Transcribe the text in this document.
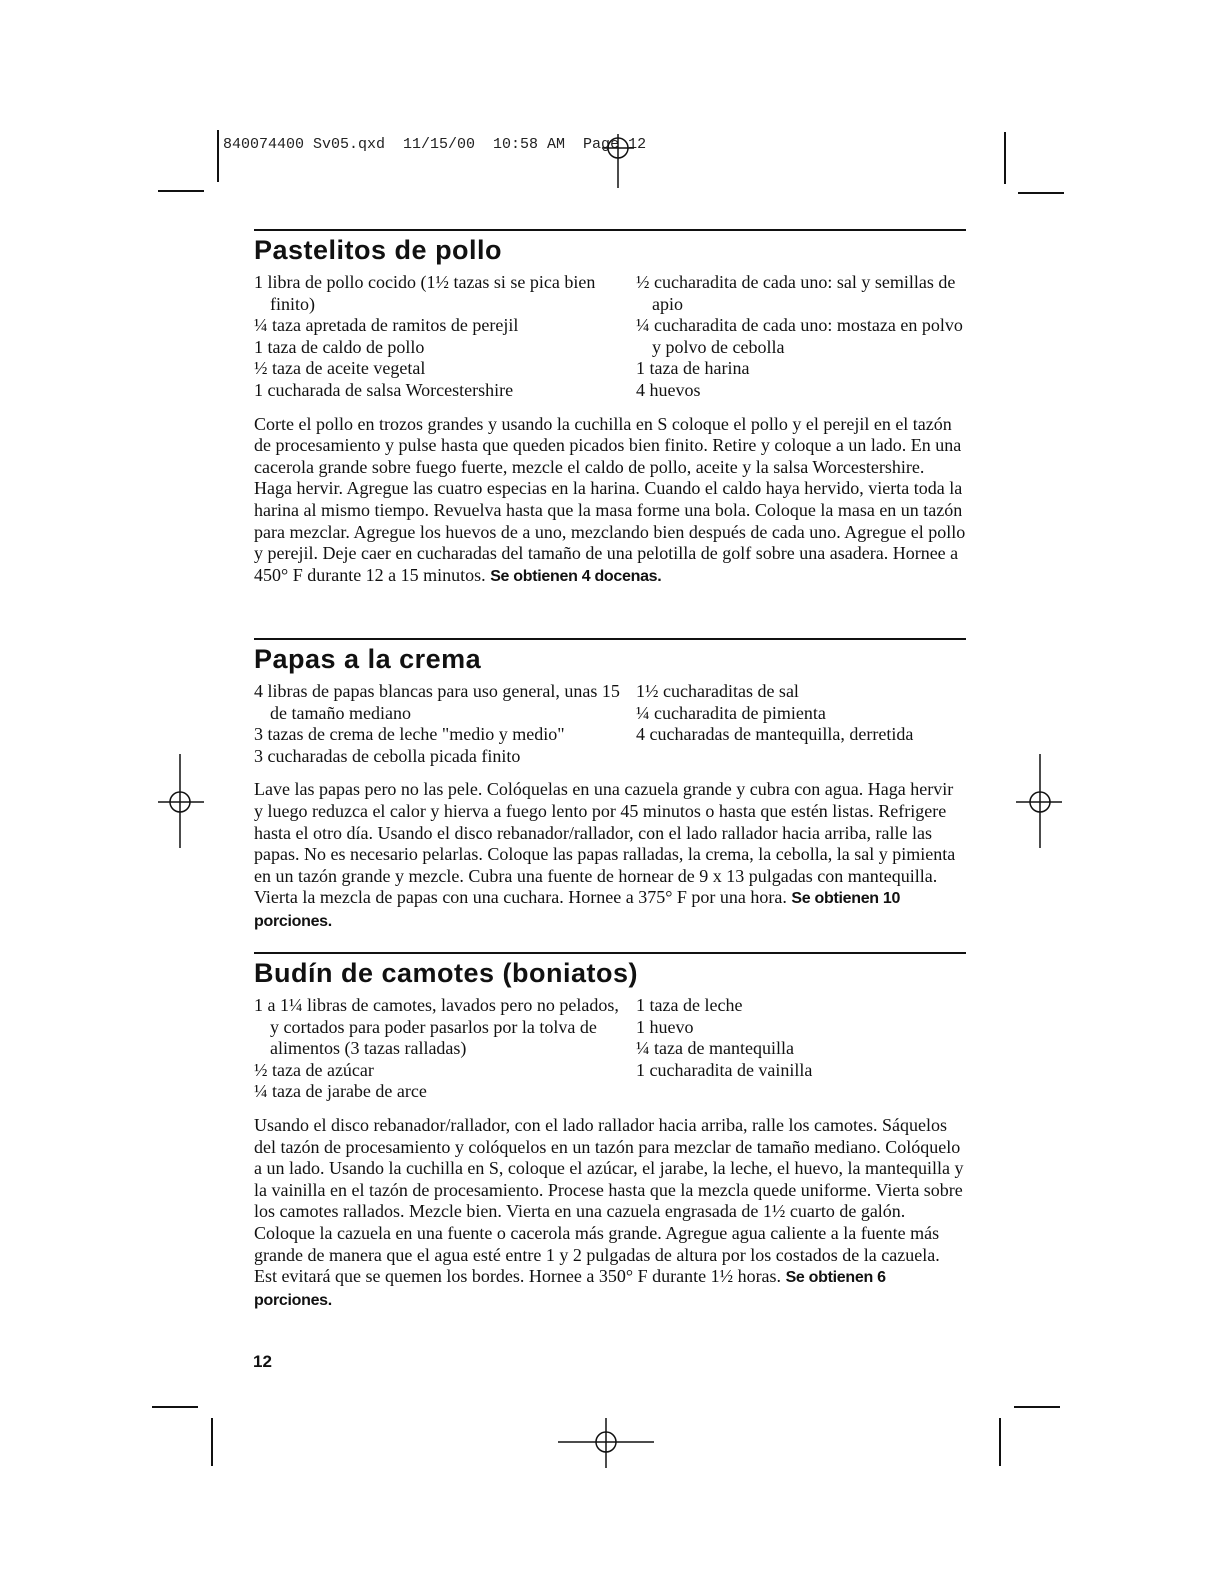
840074400 Sv05.qxd  11/15/00  10:58 AM  Page 12
Pastelitos de pollo
1 libra de pollo cocido (1½ tazas si se pica bien finito)
¼ taza apretada de ramitos de perejil
1 taza de caldo de pollo
½ taza de aceite vegetal
1 cucharada de salsa Worcestershire
½ cucharadita de cada uno: sal y semillas de apio
¼ cucharadita de cada uno: mostaza en polvo y polvo de cebolla
1 taza de harina
4 huevos

Corte el pollo en trozos grandes y usando la cuchilla en S coloque el pollo y el perejil en el tazón de procesamiento y pulse hasta que queden picados bien finito. Retire y coloque a un lado. En una cacerola grande sobre fuego fuerte, mezcle el caldo de pollo, aceite y la salsa Worcestershire. Haga hervir. Agregue las cuatro especias en la harina. Cuando el caldo haya hervido, vierta toda la harina al mismo tiempo. Revuelva hasta que la masa forme una bola. Coloque la masa en un tazón para mezclar. Agregue los huevos de a uno, mezclando bien después de cada uno. Agregue el pollo y perejil. Deje caer en cucharadas del tamaño de una pelotilla de golf sobre una asadera. Hornee a 450° F durante 12 a 15 minutos. Se obtienen 4 docenas.

Papas a la crema
4 libras de papas blancas para uso general, unas 15 de tamaño mediano
3 tazas de crema de leche "medio y medio"
3 cucharadas de cebolla picada finito
1½ cucharaditas de sal
¼ cucharadita de pimienta
4 cucharadas de mantequilla, derretida

Lave las papas pero no las pele. Colóquelas en una cazuela grande y cubra con agua. Haga hervir y luego reduzca el calor y hierva a fuego lento por 45 minutos o hasta que estén listas. Refrigere hasta el otro día. Usando el disco rebanador/rallador, con el lado rallador hacia arriba, ralle las papas. No es necesario pelarlas. Coloque las papas ralladas, la crema, la cebolla, la sal y pimienta en un tazón grande y mezcle. Cubra una fuente de hornear de 9 x 13 pulgadas con mantequilla. Vierta la mezcla de papas con una cuchara. Hornee a 375° F por una hora. Se obtienen 10 porciones.

Budín de camotes (boniatos)
1 a 1¼ libras de camotes, lavados pero no pelados, y cortados para poder pasarlos por la tolva de alimentos (3 tazas ralladas)
½ taza de azúcar
¼ taza de jarabe de arce
1 taza de leche
1 huevo
¼ taza de mantequilla
1 cucharadita de vainilla

Usando el disco rebanador/rallador, con el lado rallador hacia arriba, ralle los camotes. Sáquelos del tazón de procesamiento y colóquelos en un tazón para mezclar de tamaño mediano. Colóquelo a un lado. Usando la cuchilla en S, coloque el azúcar, el jarabe, la leche, el huevo, la mantequilla y la vainilla en el tazón de procesamiento. Procese hasta que la mezcla quede uniforme. Vierta sobre los camotes rallados. Mezcle bien. Vierta en una cazuela engrasada de 1½ cuarto de galón. Coloque la cazuela en una fuente o cacerola más grande. Agregue agua caliente a la fuente más grande de manera que el agua esté entre 1 y 2 pulgadas de altura por los costados de la cazuela. Est evitará que se quemen los bordes. Hornee a 350° F durante 1½ horas. Se obtienen 6 porciones.

12
